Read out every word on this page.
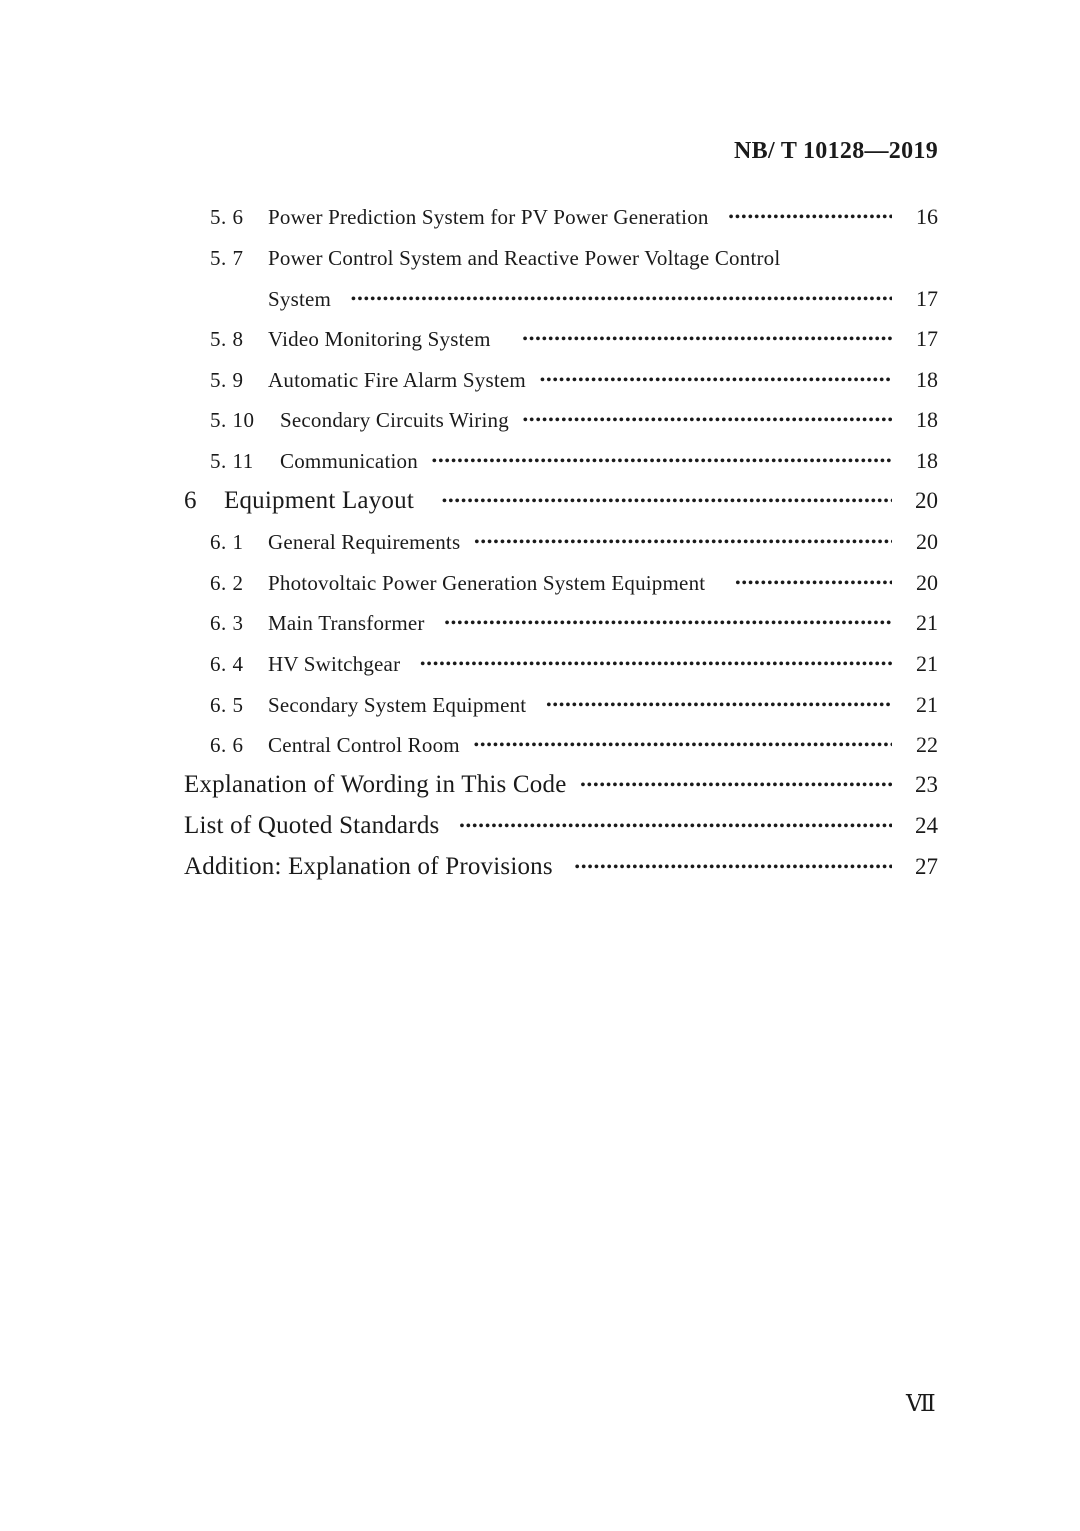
NB/ T 10128—2019
5. 6	Power Prediction System for PV Power Generation •••••	16
5. 7	Power Control System and Reactive Power Voltage Control
System •••••	17
5. 8	Video Monitoring System •••••	17
5. 9	Automatic Fire Alarm System •••••	18
5. 10	Secondary Circuits Wiring •••••	18
5. 11	Communication •••••	18
6	Equipment Layout •••••	20
6. 1	General Requirements •••••	20
6. 2	Photovoltaic Power Generation System Equipment •••••	20
6. 3	Main Transformer •••••	21
6. 4	HV Switchgear •••••	21
6. 5	Secondary System Equipment •••••	21
6. 6	Central Control Room •••••	22
Explanation of Wording in This Code •••••	23
List of Quoted Standards •••••	24
Addition: Explanation of Provisions •••••	27
Ⅶ
